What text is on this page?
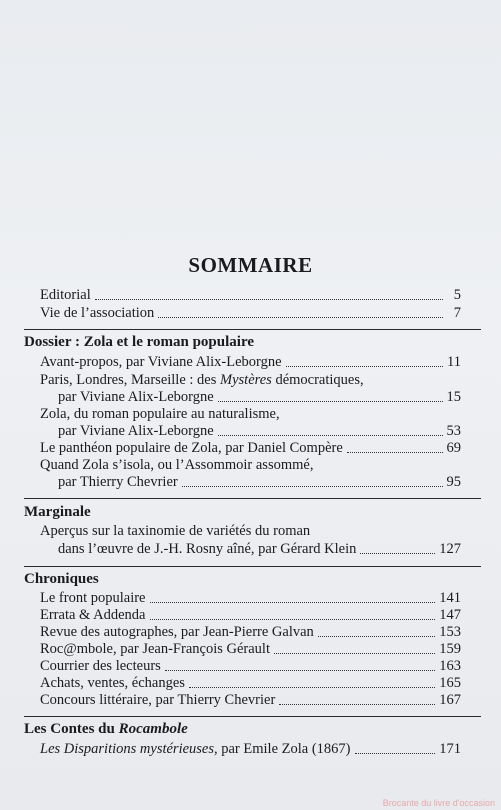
SOMMAIRE
Editorial	5
Vie de l’association	7
Dossier : Zola et le roman populaire
Avant-propos, par Viviane Alix-Leborgne	11
Paris, Londres, Marseille : des Mystères démocratiques,
par Viviane Alix-Leborgne	15
Zola, du roman populaire au naturalisme,
par Viviane Alix-Leborgne	53
Le panthéon populaire de Zola, par Daniel Compère	69
Quand Zola s’isola, ou l’Assommoir assommé,
par Thierry Chevrier	95
Marginale
Aperçus sur la taxinomie de variétés du roman
dans l’œuvre de J.-H. Rosny aîné, par Gérard Klein	127
Chroniques
Le front populaire	141
Errata & Addenda	147
Revue des autographes, par Jean-Pierre Galvan	153
Roc@mbole, par Jean-François Gérault	159
Courrier des lecteurs	163
Achats, ventes, échanges	165
Concours littéraire, par Thierry Chevrier	167
Les Contes du Rocambole
Les Disparitions mystérieuses, par Emile Zola (1867)	171
Brocante du livre d'occasion
